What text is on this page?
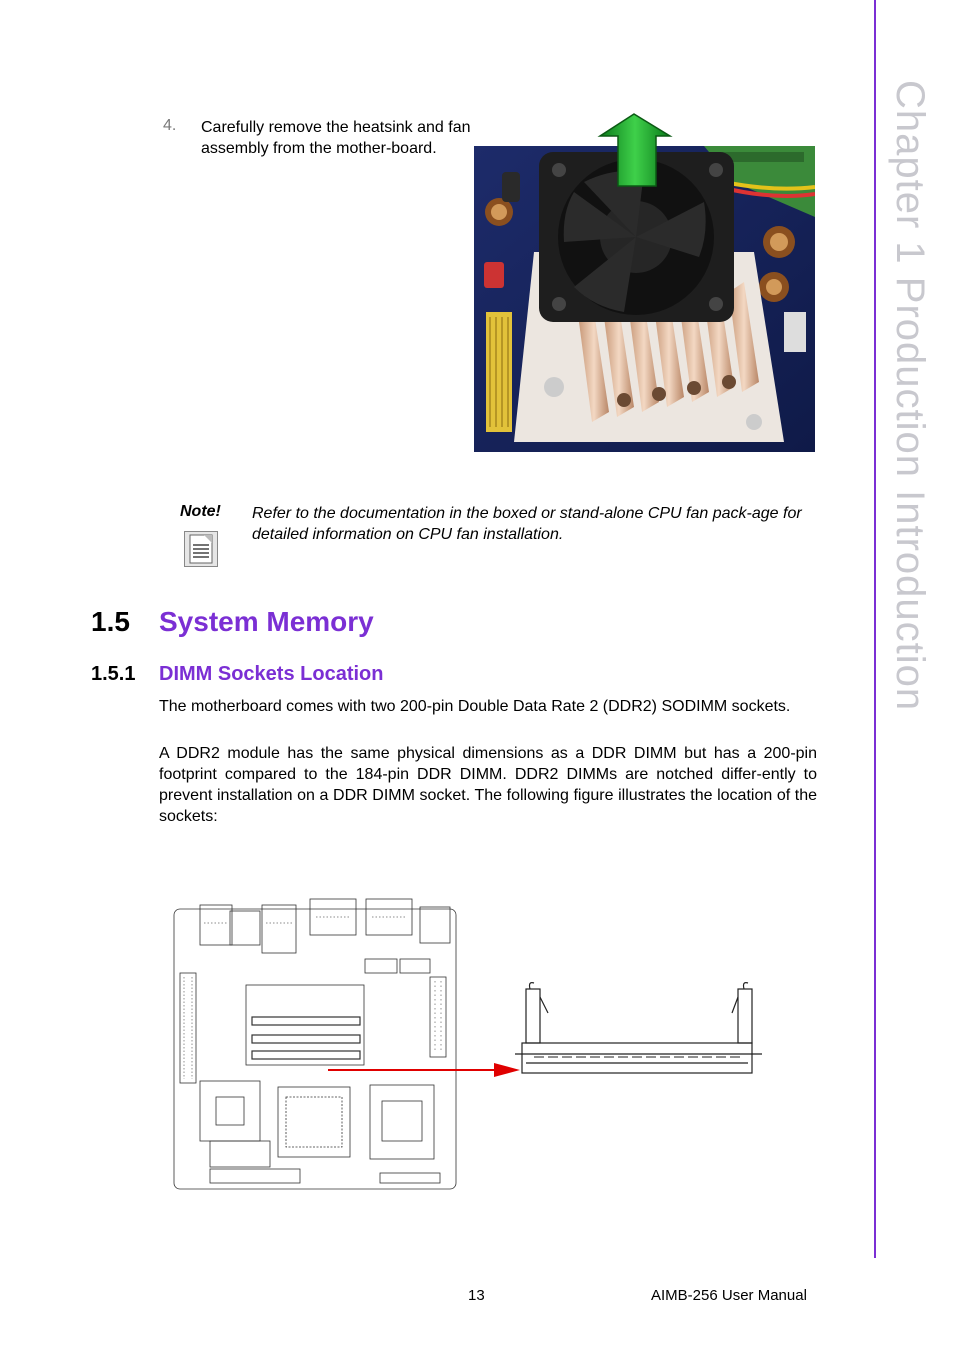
Chapter 1 Production Introduction
4. Carefully remove the heatsink and fan assembly from the mother-board.
Note! Refer to the documentation in the boxed or stand-alone CPU fan pack-age for detailed information on CPU fan installation.
1.5 System Memory
1.5.1 DIMM Sockets Location
The motherboard comes with two 200-pin Double Data Rate 2 (DDR2) SODIMM sockets.
A DDR2 module has the same physical dimensions as a DDR DIMM but has a 200-pin footprint compared to the 184-pin DDR DIMM. DDR2 DIMMs are notched differ-ently to prevent installation on a DDR DIMM socket. The following figure illustrates the location of the sockets:
13	AIMB-256 User Manual
